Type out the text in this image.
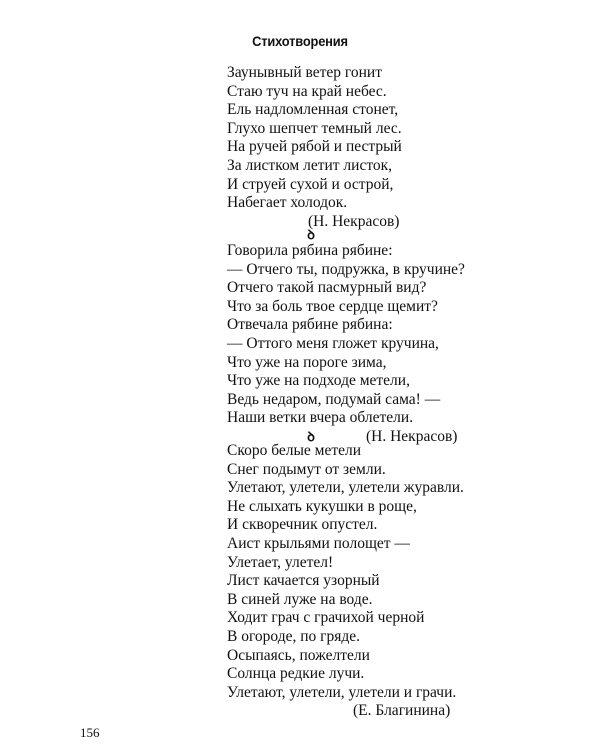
Стихотворения
Заунывный ветер гонит
Стаю туч на край небес.
Ель надломленная стонет,
Глухо шепчет темный лес.
На ручей рябой и пестрый
За листком летит листок,
И струей сухой и острой,
Набегает холодок.
(Н. Некрасов)
ꝺ
Говорила рябина рябине:
— Отчего ты, подружка, в кручине?
Отчего такой пасмурный вид?
Что за боль твое сердце щемит?
Отвечала рябине рябина:
— Оттого меня гложет кручина,
Что уже на пороге зима,
Что уже на подходе метели,
Ведь недаром, подумай сама! —
Наши ветки вчера облетели.
(Н. Некрасов)
ꝺ
Скоро белые метели
Снег подымут от земли.
Улетают, улетели, улетели журавли.
Не слыхать кукушки в роще,
И скворечник опустел.
Аист крыльями полощет —
Улетает, улетел!
Лист качается узорный
В синей луже на воде.
Ходит грач с грачихой черной
В огороде, по гряде.
Осыпаясь, пожелтели
Солнца редкие лучи.
Улетают, улетели, улетели и грачи.
(Е. Благинина)
156
